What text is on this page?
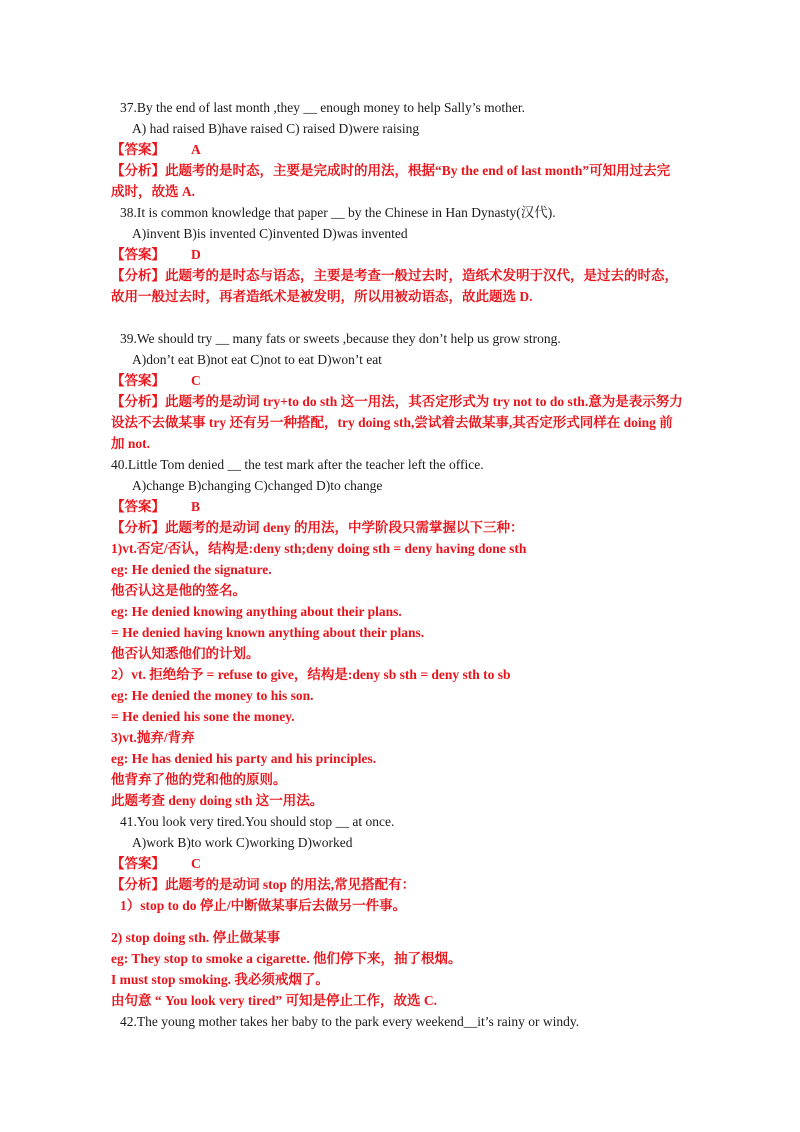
37.By the end of last month ,they __ enough money to help Sally’s mother.
A) had raised B)have raised C) raised D)were raising
【答案】 A
【分析】此题考的是时态，主要是完成时的用法，根据“By the end of last month”可知用过去完
成时，故选 A.
38.It is common knowledge that paper __ by the Chinese in Han Dynasty(汉代).
A)invent B)is invented C)invented D)was invented
【答案】 D
【分析】此题考的是时态与语态，主要是考查一般过去时，造纸术发明于汉代，是过去的时态，
故用一般过去时，再者造纸术是被发明，所以用被动语态，故此题选 D.
39.We should try __ many fats or sweets ,because they don’t help us grow strong.
A)don’t eat B)not eat C)not to eat D)won’t eat
【答案】 C
【分析】此题考的是动词 try+to do sth 这一用法，其否定形式为 try not to do sth.意为是表示努力
设法不去做某事 try 还有另一种搭配，try doing sth,尝试着去做某事,其否定形式同样在 doing 前
加 not.
40.Little Tom denied __ the test mark after the teacher left the office.
A)change B)changing C)changed D)to change
【答案】 B
【分析】此题考的是动词 deny 的用法，中学阶段只需掌握以下三种：
1)vt.否定/否认，结构是:deny sth;deny doing sth = deny having done sth
eg: He denied the signature.
他否认这是他的签名。
eg: He denied knowing anything about their plans.
= He denied having known anything about their plans.
他否认知悉他们的计划。
2）vt. 拒绝给予 = refuse to give，结构是:deny sb sth = deny sth to sb
eg: He denied the money to his son.
= He denied his sone the money.
3)vt.抛弃/背弃
eg: He has denied his party and his principles.
他背弃了他的党和他的原则。
此题考查 deny doing sth 这一用法。
41.You look very tired.You should stop __ at once.
A)work B)to work C)working D)worked
【答案】 C
【分析】此题考的是动词 stop 的用法,常见搭配有：
1）stop to do 停止/中断做某事后去做另一件事。
2) stop doing sth. 停止做某事
eg: They stop to smoke a cigarette. 他们停下来，抽了根烟。
I must stop smoking. 我必须戒烟了。
由句意 “ You look very tired” 可知是停止工作，故选 C.
42.The young mother takes her baby to the park every weekend__it’s rainy or windy.
